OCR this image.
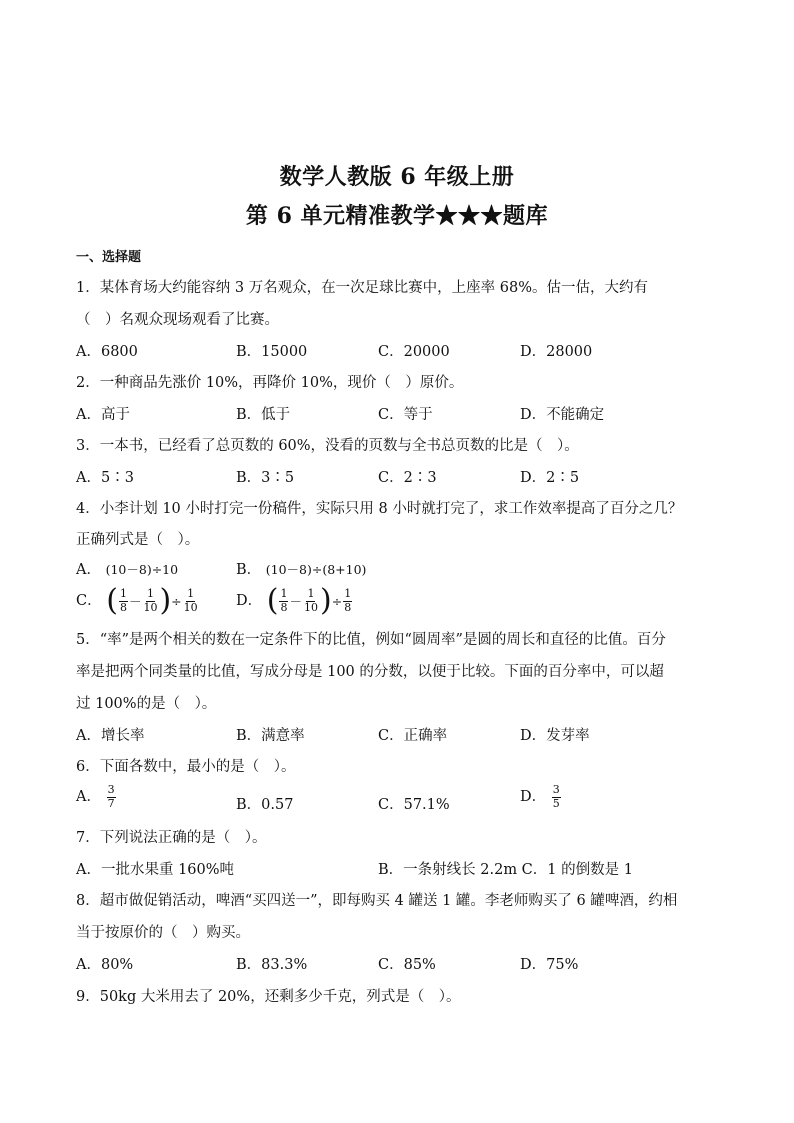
数学人教版 6 年级上册
第 6 单元精准教学★★★题库
一、选择题
1．某体育场大约能容纳 3 万名观众，在一次足球比赛中，上座率 68%。估一估，大约有
（　）名观众现场观看了比赛。
A．6800	B．15000	C．20000	D．28000
2．一种商品先涨价 10%，再降价 10%，现价（　）原价。
A．高于	B．低于	C．等于	D．不能确定
3．一本书，已经看了总页数的 60%，没看的页数与全书总页数的比是（　）。
A．5∶3	B．3∶5	C．2∶3	D．2∶5
4．小李计划 10 小时打完一份稿件，实际只用 8 小时就打完了，求工作效率提高了百分之几？
正确列式是（　）。
A． (10－8)÷10	B． (10－8)÷(8+10)
C． ( $\frac{1}{8} - \frac{1}{10}$ ) ÷ $\frac{1}{10}$	D． ( $\frac{1}{8} - \frac{1}{10}$ ) ÷ $\frac{1}{8}$
5．“率”是两个相关的数在一定条件下的比值，例如“圆周率”是圆的周长和直径的比值。百分
率是把两个同类量的比值，写成分母是 100 的分数，以便于比较。下面的百分率中，可以超
过 100%的是（　）。
A．增长率	B．满意率	C．正确率	D．发芽率
6．下面各数中，最小的是（　）。
A． $\frac{3}{7}$	B．0.57	C．57.1%	D． $\frac{3}{5}$
7．下列说法正确的是（　）。
A．一批水果重 160%吨	B．一条射线长 2.2m C．1 的倒数是 1
8．超市做促销活动，啤酒“买四送一”，即每购买 4 罐送 1 罐。李老师购买了 6 罐啤酒，约相
当于按原价的（　）购买。
A．80%	B．83.3%	C．85%	D．75%
9．50kg 大米用去了 20%，还剩多少千克，列式是（　）。
